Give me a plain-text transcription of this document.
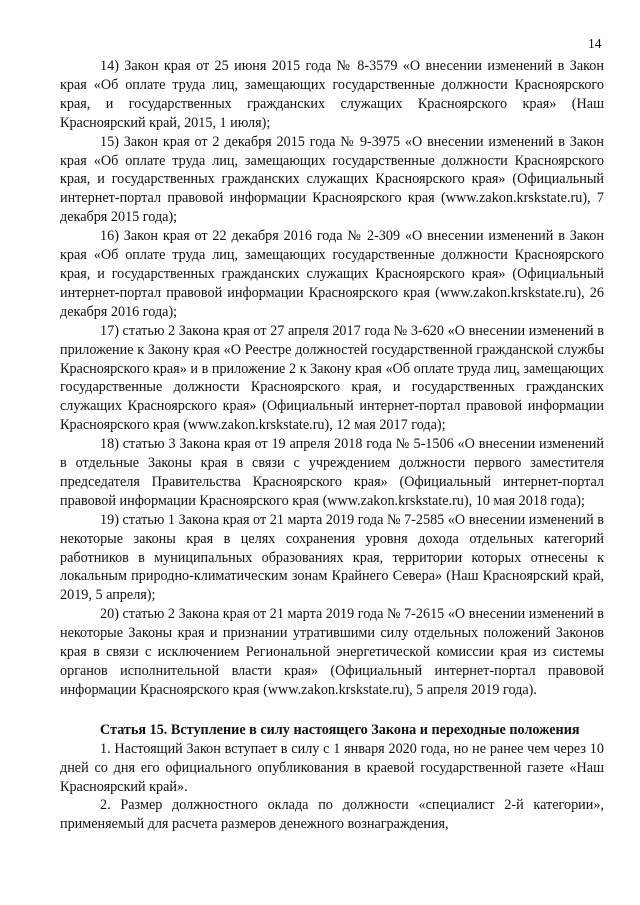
14

14) Закон края от 25 июня 2015 года № 8-3579 «О внесении изменений в Закон края «Об оплате труда лиц, замещающих государственные должности Красноярского края, и государственных гражданских служащих Красноярского края» (Наш Красноярский край, 2015, 1 июля);

15) Закон края от 2 декабря 2015 года № 9-3975 «О внесении изменений в Закон края «Об оплате труда лиц, замещающих государственные должности Красноярского края, и государственных гражданских служащих Красноярского края» (Официальный интернет-портал правовой информации Красноярского края (www.zakon.krskstate.ru), 7 декабря 2015 года);

16) Закон края от 22 декабря 2016 года № 2-309 «О внесении изменений в Закон края «Об оплате труда лиц, замещающих государственные должности Красноярского края, и государственных гражданских служащих Красноярского края» (Официальный интернет-портал правовой информации Красноярского края (www.zakon.krskstate.ru), 26 декабря 2016 года);

17) статью 2 Закона края от 27 апреля 2017 года № 3-620 «О внесении изменений в приложение к Закону края «О Реестре должностей государственной гражданской службы Красноярского края» и в приложение 2 к Закону края «Об оплате труда лиц, замещающих государственные должности Красноярского края, и государственных гражданских служащих Красноярского края» (Официальный интернет-портал правовой информации Красноярского края (www.zakon.krskstate.ru), 12 мая 2017 года);

18) статью 3 Закона края от 19 апреля 2018 года № 5-1506 «О внесении изменений в отдельные Законы края в связи с учреждением должности первого заместителя председателя Правительства Красноярского края» (Официальный интернет-портал правовой информации Красноярского края (www.zakon.krskstate.ru), 10 мая 2018 года);

19) статью 1 Закона края от 21 марта 2019 года № 7-2585 «О внесении изменений в некоторые законы края в целях сохранения уровня дохода отдельных категорий работников в муниципальных образованиях края, территории которых отнесены к локальным природно-климатическим зонам Крайнего Севера» (Наш Красноярский край, 2019, 5 апреля);

20) статью 2 Закона края от 21 марта 2019 года № 7-2615 «О внесении изменений в некоторые Законы края и признании утратившими силу отдельных положений Законов края в связи с исключением Региональной энергетической комиссии края из системы органов исполнительной власти края» (Официальный интернет-портал правовой информации Красноярского края (www.zakon.krskstate.ru), 5 апреля 2019 года).

Статья 15. Вступление в силу настоящего Закона и переходные положения

1. Настоящий Закон вступает в силу с 1 января 2020 года, но не ранее чем через 10 дней со дня его официального опубликования в краевой государственной газете «Наш Красноярский край».

2. Размер должностного оклада по должности «специалист 2-й категории», применяемый для расчета размеров денежного вознаграждения,
